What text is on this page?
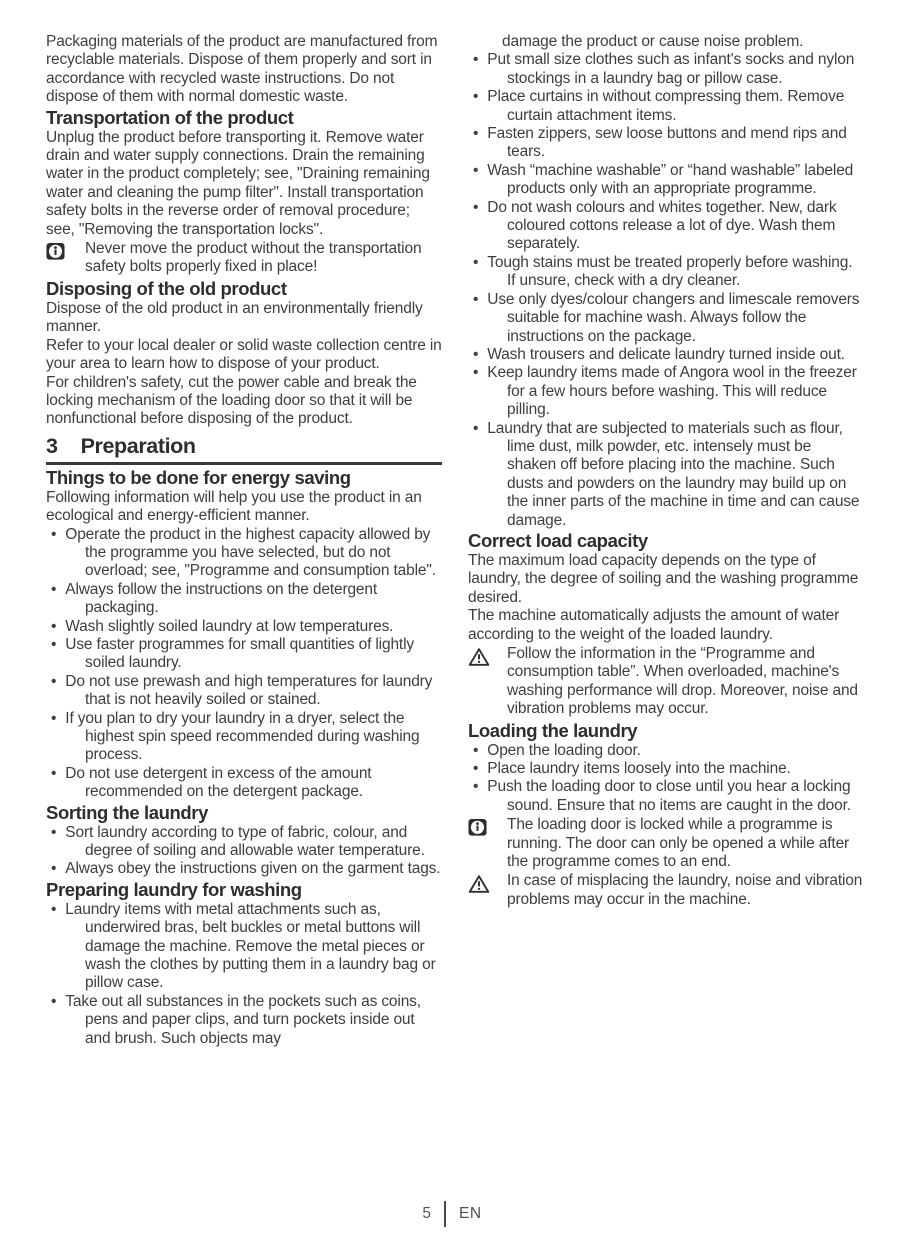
Packaging materials of the product are manufactured from recyclable materials. Dispose of them properly and sort in accordance with recycled waste instructions. Do not dispose of them with normal domestic waste.
Transportation of the product
Unplug the product before transporting it. Remove water drain and water supply connections. Drain the remaining water in the product completely; see, "Draining remaining water and cleaning the pump filter". Install transportation safety bolts in the reverse order of removal procedure; see, "Removing the transportation locks".
Never move the product without the transportation safety bolts properly fixed in place!
Disposing of the old product
Dispose of the old product in an environmentally friendly manner.
Refer to your local dealer or solid waste collection centre in your area to learn how to dispose of your product.
For children's safety, cut the power cable and break the locking mechanism of the loading door so that it will be nonfunctional before disposing of the product.
3 Preparation
Things to be done for energy saving
Following information will help you use the product in an ecological and energy-efficient manner.
• Operate the product in the highest capacity allowed by the programme you have selected, but do not overload; see, "Programme and consumption table".
• Always follow the instructions on the detergent packaging.
• Wash slightly soiled laundry at low temperatures.
• Use faster programmes for small quantities of lightly soiled laundry.
• Do not use prewash and high temperatures for laundry that is not heavily soiled or stained.
• If you plan to dry your laundry in a dryer, select the highest spin speed recommended during washing process.
• Do not use detergent in excess of the amount recommended on the detergent package.
Sorting the laundry
• Sort laundry according to type of fabric, colour, and degree of soiling and allowable water temperature.
• Always obey the instructions given on the garment tags.
Preparing laundry for washing
• Laundry items with metal attachments such as, underwired bras, belt buckles or metal buttons will damage the machine. Remove the metal pieces or wash the clothes by putting them in a laundry bag or pillow case.
• Take out all substances in the pockets such as coins, pens and paper clips, and turn pockets inside out and brush. Such objects may
damage the product or cause noise problem.
• Put small size clothes such as infant's socks and nylon stockings in a laundry bag or pillow case.
• Place curtains in without compressing them. Remove curtain attachment items.
• Fasten zippers, sew loose buttons and mend rips and tears.
• Wash “machine washable” or “hand washable” labeled products only with an appropriate programme.
• Do not wash colours and whites together. New, dark coloured cottons release a lot of dye. Wash them separately.
• Tough stains must be treated properly before washing. If unsure, check with a dry cleaner.
• Use only dyes/colour changers and limescale removers suitable for machine wash. Always follow the instructions on the package.
• Wash trousers and delicate laundry turned inside out.
• Keep laundry items made of Angora wool in the freezer for a few hours before washing. This will reduce pilling.
• Laundry that are subjected to materials such as flour, lime dust, milk powder, etc. intensely must be shaken off before placing into the machine. Such dusts and powders on the laundry may build up on the inner parts of the machine in time and can cause damage.
Correct load capacity
The maximum load capacity depends on the type of laundry, the degree of soiling and the washing programme desired.
The machine automatically adjusts the amount of water according to the weight of the loaded laundry.
Follow the information in the “Programme and consumption table”. When overloaded, machine's washing performance will drop. Moreover, noise and vibration problems may occur.
Loading the laundry
• Open the loading door.
• Place laundry items loosely into the machine.
• Push the loading door to close until you hear a locking sound. Ensure that no items are caught in the door.
The loading door is locked while a programme is running. The door can only be opened a while after the programme comes to an end.
In case of misplacing the laundry, noise and vibration problems may occur in the machine.
5 EN
